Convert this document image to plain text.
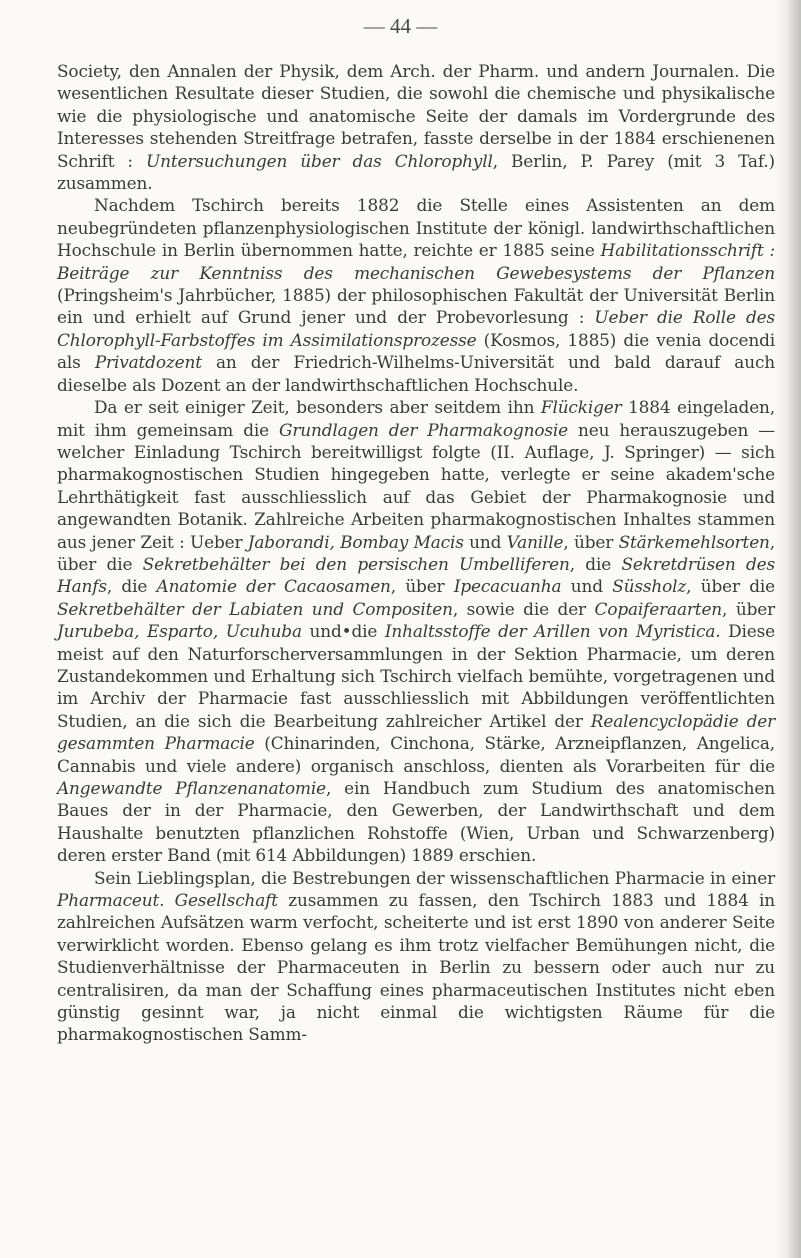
— 44 —

Society, den Annalen der Physik, dem Arch. der Pharm. und andern Journalen. Die wesentlichen Resultate dieser Studien, die sowohl die chemische und physikalische wie die physiologische und anatomische Seite der damals im Vordergrunde des Interesses stehenden Streitfrage betrafen, fasste derselbe in der 1884 erschienenen Schrift : Untersuchungen über das Chlorophyll, Berlin, P. Parey (mit 3 Taf.) zusammen.

Nachdem Tschirch bereits 1882 die Stelle eines Assistenten an dem neubegründeten pflanzenphysiologischen Institute der königl. landwirthschaftlichen Hochschule in Berlin übernommen hatte, reichte er 1885 seine Habilitationsschrift : Beiträge zur Kenntniss des mechanischen Gewebesystems der Pflanzen (Pringsheim's Jahrbücher, 1885) der philosophischen Fakultät der Universität Berlin ein und erhielt auf Grund jener und der Probevorlesung : Ueber die Rolle des Chlorophyll-Farbstoffes im Assimilationsprozesse (Kosmos, 1885) die venia docendi als Privatdozent an der Friedrich-Wilhelms-Universität und bald darauf auch dieselbe als Dozent an der landwirthschaftlichen Hochschule.

Da er seit einiger Zeit, besonders aber seitdem ihn Flückiger 1884 eingeladen, mit ihm gemeinsam die Grundlagen der Pharmakognosie neu herauszugeben — welcher Einladung Tschirch bereitwilligst folgte (II. Auflage, J. Springer) — sich pharmakognostischen Studien hingegeben hatte, verlegte er seine akadem'sche Lehrthätigkeit fast ausschliesslich auf das Gebiet der Pharmakognosie und angewandten Botanik. Zahlreiche Arbeiten pharmakognostischen Inhaltes stammen aus jener Zeit : Ueber Jaborandi, Bombay Macis und Vanille, über Stärkemehlsorten, über die Sekretbehälter bei den persischen Umbelliferen, die Sekretdrüsen des Hanfs, die Anatomie der Cacaosamen, über Ipecacuanha und Süssholz, über die Sekretbehälter der Labiaten und Compositen, sowie die der Copaiferaarten, über Jurubeba, Esparto, Ucuhuba und•die Inhaltsstoffe der Arillen von Myristica. Diese meist auf den Naturforscherversammlungen in der Sektion Pharmacie, um deren Zustandekommen und Erhaltung sich Tschirch vielfach bemühte, vorgetragenen und im Archiv der Pharmacie fast ausschliesslich mit Abbildungen veröffentlichten Studien, an die sich die Bearbeitung zahlreicher Artikel der Realencyclopädie der gesammten Pharmacie (Chinarinden, Cinchona, Stärke, Arzneipflanzen, Angelica, Cannabis und viele andere) organisch anschloss, dienten als Vorarbeiten für die Angewandte Pflanzenanatomie, ein Handbuch zum Studium des anatomischen Baues der in der Pharmacie, den Gewerben, der Landwirthschaft und dem Haushalte benutzten pflanzlichen Rohstoffe (Wien, Urban und Schwarzenberg) deren erster Band (mit 614 Abbildungen) 1889 erschien.

Sein Lieblingsplan, die Bestrebungen der wissenschaftlichen Pharmacie in einer Pharmaceut. Gesellschaft zusammen zu fassen, den Tschirch 1883 und 1884 in zahlreichen Aufsätzen warm verfocht, scheiterte und ist erst 1890 von anderer Seite verwirklicht worden. Ebenso gelang es ihm trotz vielfacher Bemühungen nicht, die Studienverhältnisse der Pharmaceuten in Berlin zu bessern oder auch nur zu centralisiren, da man der Schaffung eines pharmaceutischen Institutes nicht eben günstig gesinnt war, ja nicht einmal die wichtigsten Räume für die pharmakognostischen Samm-
